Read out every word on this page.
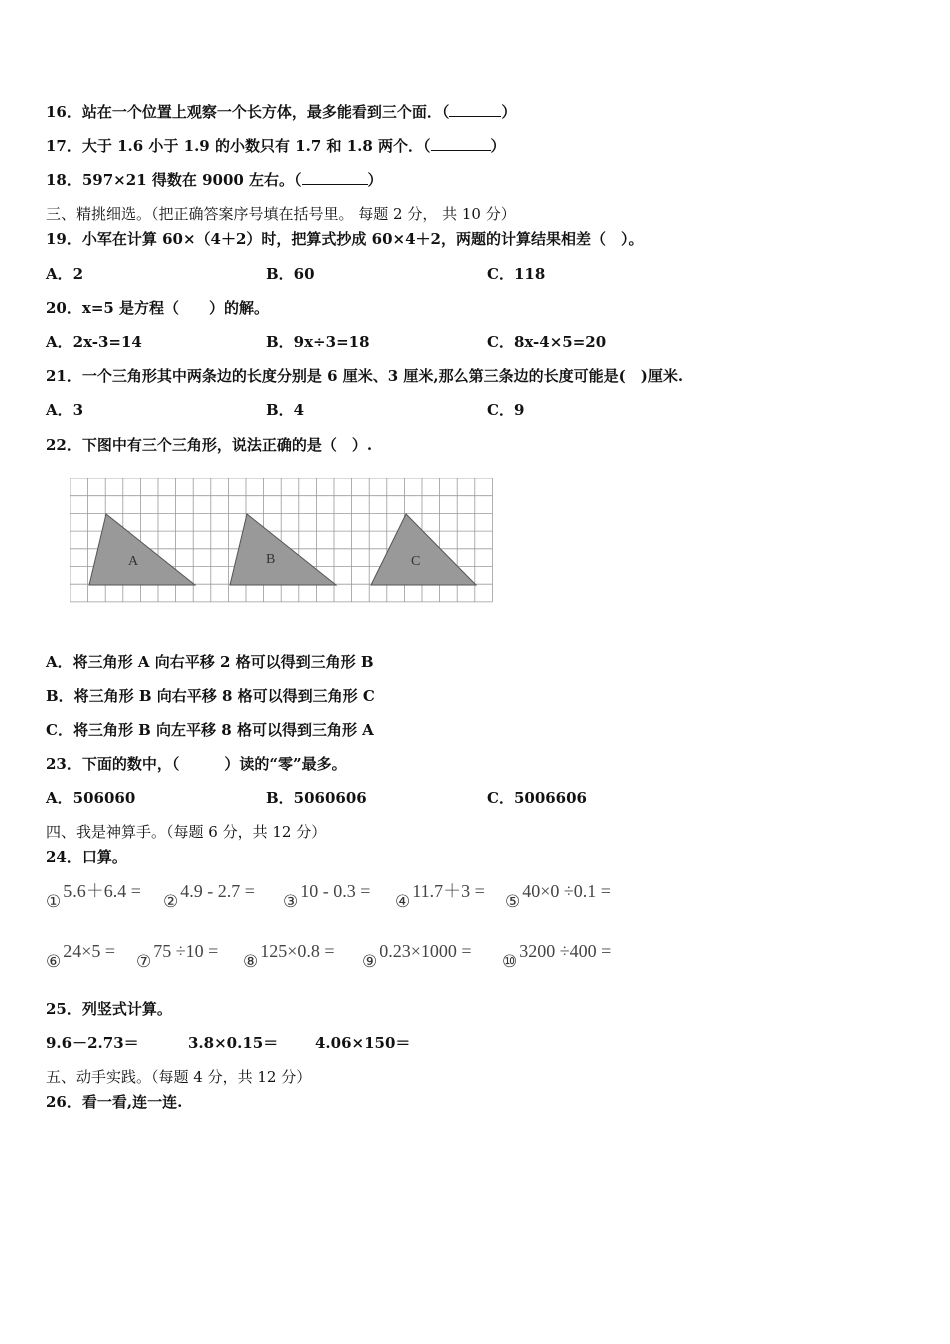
16．站在一个位置上观察一个长方体，最多能看到三个面．（	）
17．大于 1.6 小于 1.9 的小数只有 1.7 和 1.8 两个．（	）
18．597×21 得数在 9000 左右。（	）
三、精挑细选。（把正确答案序号填在括号里。 每题 2 分， 共 10 分）
19．小军在计算 60×（4＋2）时，把算式抄成 60×4＋2，两题的计算结果相差（　）。
A．2	B．60	C．118
20．x=5 是方程（　　）的解。
A．2x-3=14	B．9x÷3=18	C．8x-4×5=20
21．一个三角形其中两条边的长度分别是 6 厘米、3 厘米,那么第三条边的长度可能是(　)厘米.
A．3	B．4	C．9
22．下图中有三个三角形，说法正确的是（　）.
A	B	C
A．将三角形 A 向右平移 2 格可以得到三角形 B
B．将三角形 B 向右平移 8 格可以得到三角形 C
C．将三角形 B 向左平移 8 格可以得到三角形 A
23．下面的数中，（　　　）读的“零”最多。
A．506060	B．5060606	C．5006606
四、我是神算手。（每题 6 分，共 12 分）
24．口算。
①5.6＋6.4 =
②4.9 - 2.7 =
③10 - 0.3 =
④11.7＋3 =
⑤40×0 ÷0.1 =
⑥24×5 =
⑦75 ÷10 =
⑧125×0.8 =
⑨0.23×1000 =
⑩3200 ÷400 =
25．列竖式计算。
9.6－2.73＝	3.8×0.15＝ 4.06×150＝
五、动手实践。（每题 4 分，共 12 分）
26．看一看,连一连.
